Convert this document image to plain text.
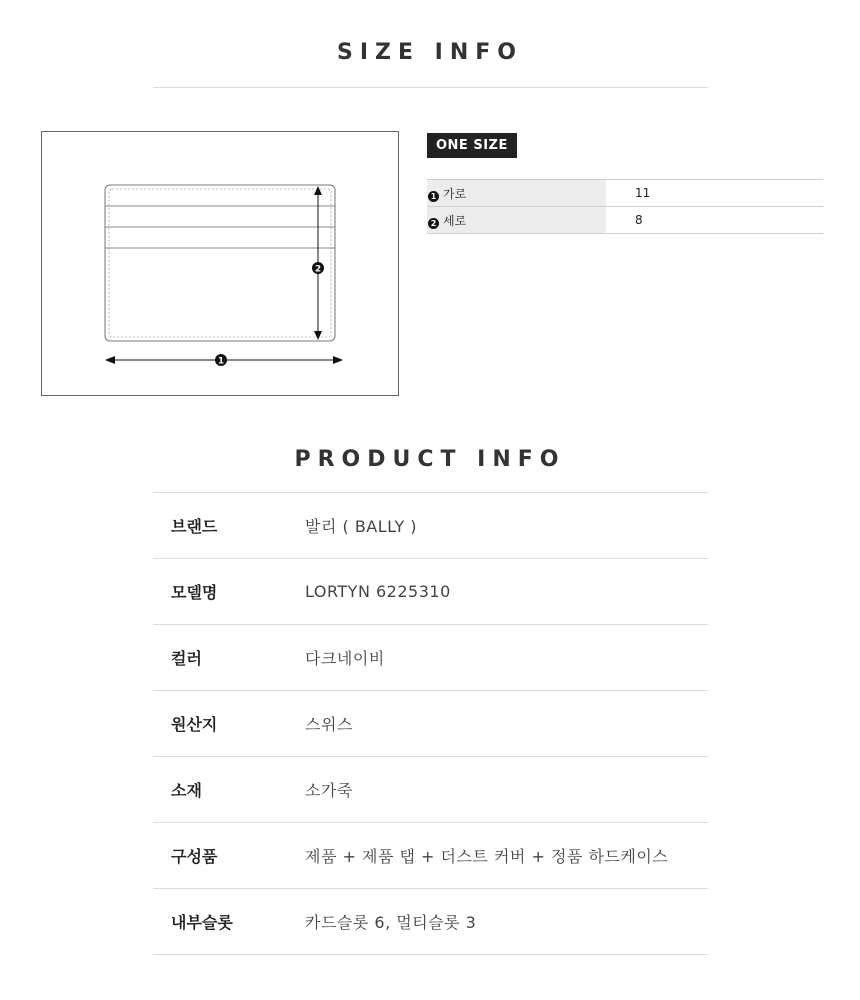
SIZE INFO
2
1
ONE SIZE
1 가로	11
2 세로	8
PRODUCT INFO
브랜드	발리 ( BALLY )
모델명	LORTYN 6225310
컬러	다크네이비
원산지	스위스
소재	소가죽
구성품	제품 + 제품 탭 + 더스트 커버 + 정품 하드케이스
내부슬롯	카드슬롯 6, 멀티슬롯 3
